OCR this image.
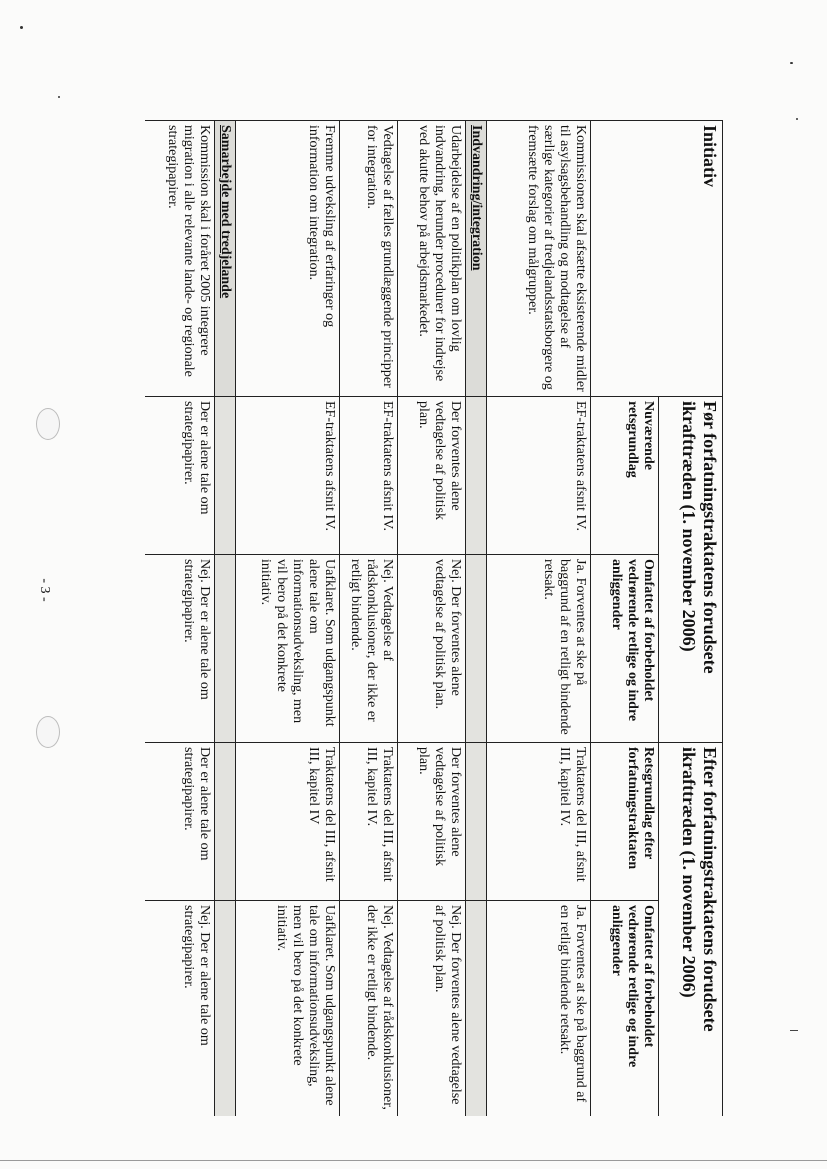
- 3 -
Initiativ	Før forfatningstraktatens forudsete ikrafttræden (1. november 2006)		Efter forfatningstraktatens forudsete ikrafttræden (1. november 2006)	
	Nuværende retsgrundlag	Omfattet af forbeholdet vedrørende retlige og indre anliggender	Retsgrundlag efter forfatningstraktaten	Omfattet af forbeholdet vedrørende retlige og indre anliggender
Kommissionen skal afsætte eksisterende midler til asylsagsbehandling og modtagelse af særlige kategorier af tredjelandsstatsborgere og fremsætte forslag om målgrupper.	EF-traktatens afsnit IV.	Ja. Forventes at ske på baggrund af en retligt bindende retsakt.	Traktatens del III, afsnit III, kapitel IV.	Ja. Forventes at ske på baggrund af en retligt bindende retsakt.
Indvandring/integration				
Udarbejdelse af en politikplan om lovlig indvandring, herunder procedurer for indrejse ved akutte behov på arbejdsmarkedet.	Der forventes alene vedtagelse af politisk plan.	Nej. Der forventes alene vedtagelse af politisk plan.	Der forventes alene vedtagelse af politisk plan.	Nej. Der forventes alene vedtagelse af politisk plan.
Vedtagelse af fælles grundlæggende principper for integration.	EF-traktatens afsnit IV.	Nej. Vedtagelse af rådskonklusioner, der ikke er retligt bindende.	Traktatens del III, afsnit III, kapitel IV.	Nej. Vedtagelse af rådskonklusioner, der ikke er retligt bindende.
Fremme udveksling af erfaringer og information om integration.	EF-traktatens afsnit IV.	Uafklaret. Som udgangspunkt alene tale om informationsudveksling, men vil bero på det konkrete initiativ.	Traktatens del III, afsnit III, kapitel IV	Uafklaret. Som udgangspunkt alene tale om informationsudveksling, men vil bero på det konkrete initiativ.
Samarbejde med tredjelande				
Kommission skal i foråret 2005 integrere migration i alle relevante lande- og regionale strategipapirer.	Der er alene tale om strategipapirer.	Nej. Der er alene tale om strategipapirer.	Der er alene tale om strategipapirer.	Nej. Der er alene tale om strategipapirer.
